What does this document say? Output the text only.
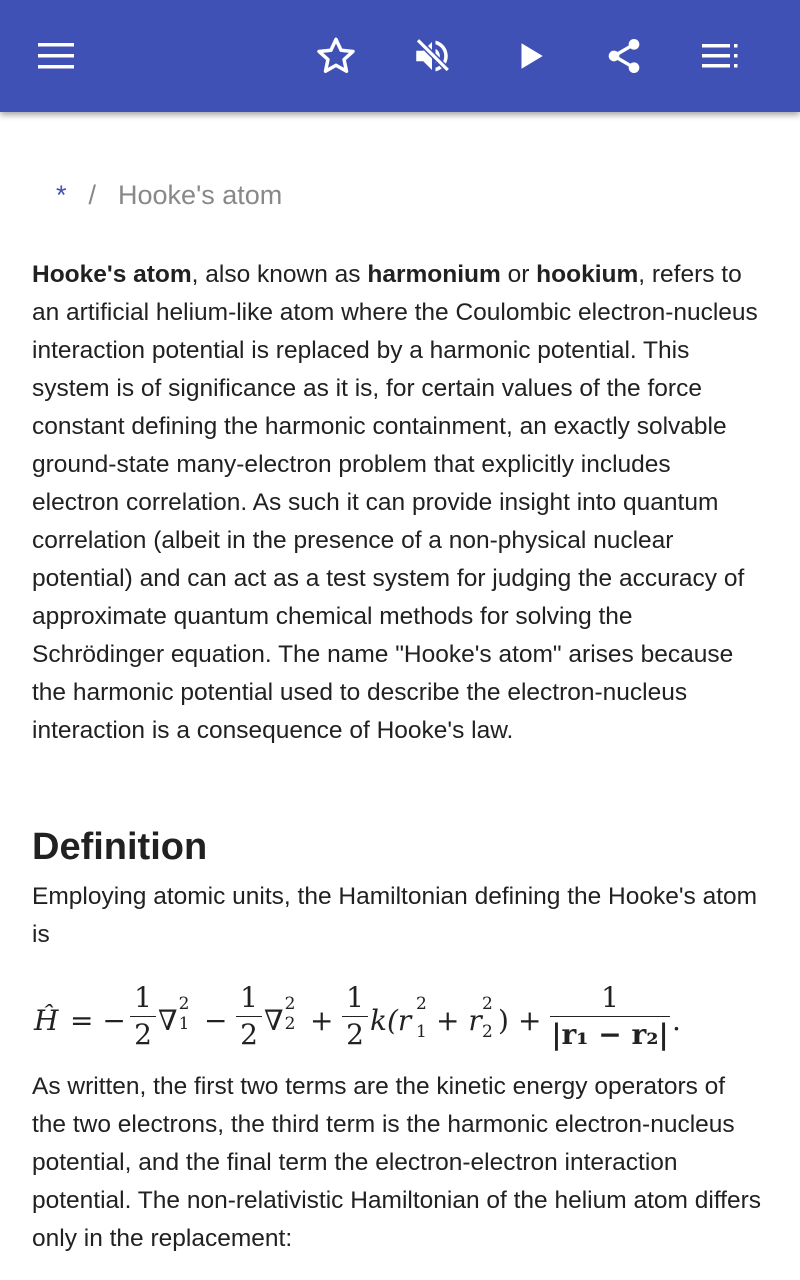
* / Hooke's atom

Hooke's atom, also known as harmonium or hookium, refers to an artificial helium-like atom where the Coulombic electron-nucleus interaction potential is replaced by a harmonic potential. This system is of significance as it is, for certain values of the force constant defining the harmonic containment, an exactly solvable ground-state many-electron problem that explicitly includes electron correlation. As such it can provide insight into quantum correlation (albeit in the presence of a non-physical nuclear potential) and can act as a test system for judging the accuracy of approximate quantum chemical methods for solving the Schrödinger equation. The name "Hooke's atom" arises because the harmonic potential used to describe the electron-nucleus interaction is a consequence of Hooke's law.

Definition

Employing atomic units, the Hamiltonian defining the Hooke's atom is

Ĥ = −
1
2 ∇ 2
1 −
1
2 ∇ 2
2 +
1
2 k(r 2
1 + r 2
2 ) +
1
|r₁ − r₂| .

As written, the first two terms are the kinetic energy operators of the two electrons, the third term is the harmonic electron-nucleus potential, and the final term the electron-electron interaction potential. The non-relativistic Hamiltonian of the helium atom differs only in the replacement:
